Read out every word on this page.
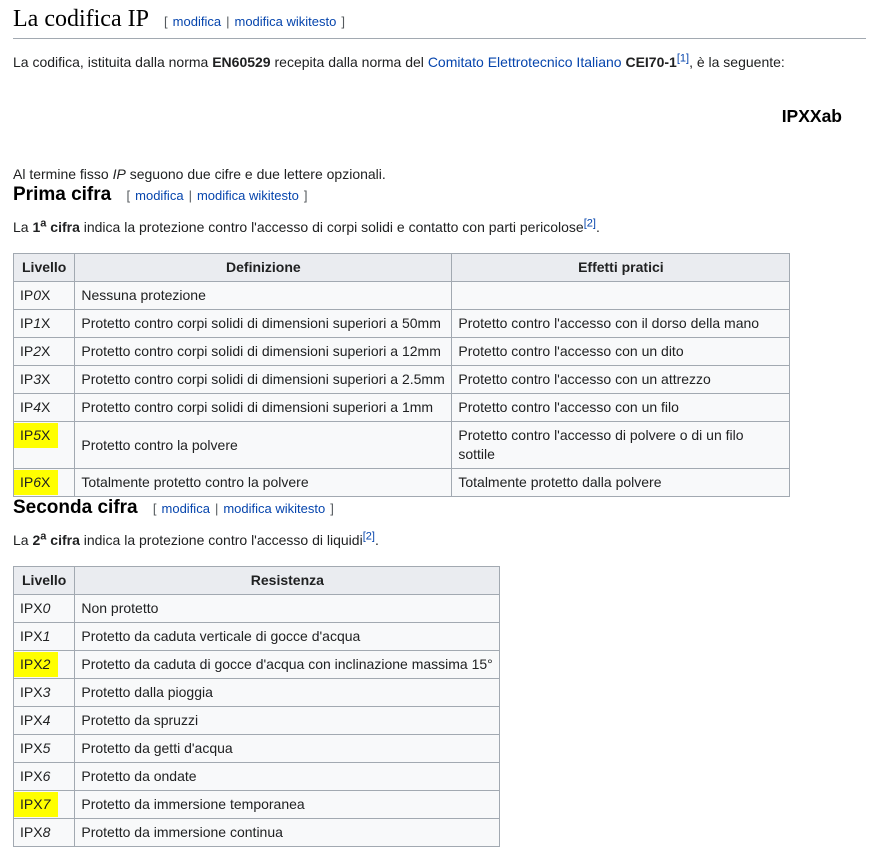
La codifica IP [ modifica | modifica wikitesto ]

La codifica, istituita dalla norma EN60529 recepita dalla norma del Comitato Elettrotecnico Italiano CEI70-1[1], è la seguente:

IPXXab

Al termine fisso IP seguono due cifre e due lettere opzionali.

Prima cifra [ modifica | modifica wikitesto ]

La 1$^a$ cifra indica la protezione contro l'accesso di corpi solidi e contatto con parti pericolose[2].

Livello	Definizione	Effetti pratici
IP0X	Nessuna protezione	
IP1X	Protetto contro corpi solidi di dimensioni superiori a 50mm	Protetto contro l'accesso con il dorso della mano
IP2X	Protetto contro corpi solidi di dimensioni superiori a 12mm	Protetto contro l'accesso con un dito
IP3X	Protetto contro corpi solidi di dimensioni superiori a 2.5mm	Protetto contro l'accesso con un attrezzo
IP4X	Protetto contro corpi solidi di dimensioni superiori a 1mm	Protetto contro l'accesso con un filo
IP5X	Protetto contro la polvere	Protetto contro l'accesso di polvere o di un filo sottile
IP6X	Totalmente protetto contro la polvere	Totalmente protetto dalla polvere
Seconda cifra [ modifica | modifica wikitesto ]

La 2$^a$ cifra indica la protezione contro l'accesso di liquidi[2].

Livello	Resistenza
IPX0	Non protetto
IPX1	Protetto da caduta verticale di gocce d'acqua
IPX2	Protetto da caduta di gocce d'acqua con inclinazione massima 15°
IPX3	Protetto dalla pioggia
IPX4	Protetto da spruzzi
IPX5	Protetto da getti d'acqua
IPX6	Protetto da ondate
IPX7	Protetto da immersione temporanea
IPX8	Protetto da immersione continua
